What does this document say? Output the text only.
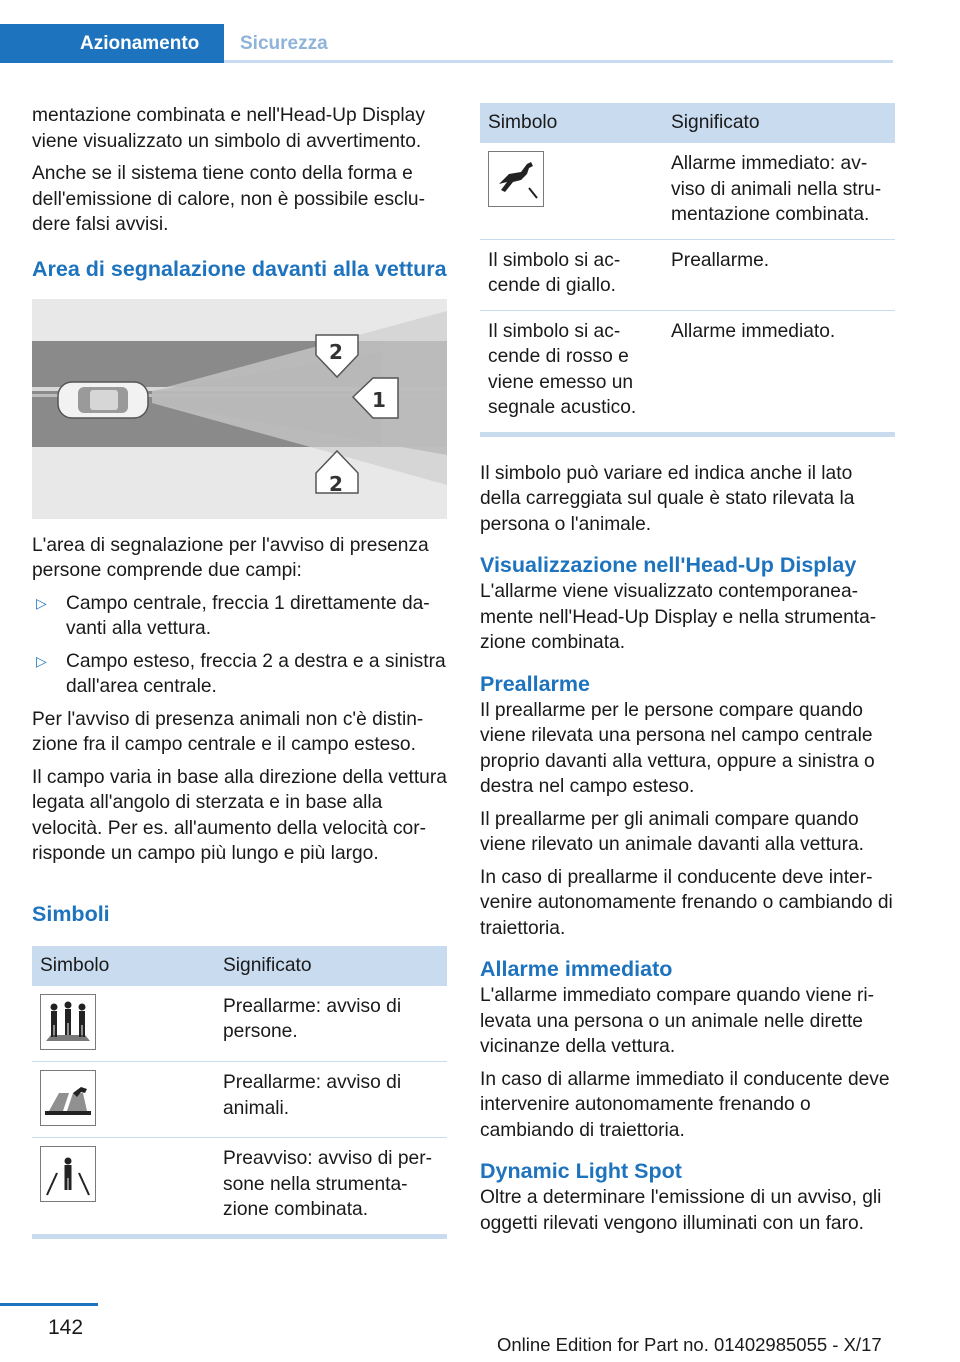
Azionamento	Sicurezza

mentazione combinata e nell'Head-Up Display viene visualizzato un simbolo di avvertimento.

Anche se il sistema tiene conto della forma e dell'emissione di calore, non è possibile escludere falsi avvisi.

Area di segnalazione davanti alla vettura
2
1
2

L'area di segnalazione per l'avviso di presenza persone comprende due campi:

▷	Campo centrale, freccia 1 direttamente davanti alla vettura.
▷	Campo esteso, freccia 2 a destra e a sinistra dall'area centrale.

Per l'avviso di presenza animali non c'è distinzione fra il campo centrale e il campo esteso.

Il campo varia in base alla direzione della vettura legata all'angolo di sterzata e in base alla velocità. Per es. all'aumento della velocità corrisponde un campo più lungo e più largo.

Simboli
Simbolo	Significato

	Preallarme: avviso di persone.

	Preallarme: avviso di animali.

	Preavviso: avviso di persone nella strumentazione combinata.
Simbolo	Significato

	Allarme immediato: avviso di animali nella strumentazione combinata.
Il simbolo si accende di giallo.	Preallarme.
Il simbolo si accende di rosso e viene emesso un segnale acustico.	Allarme immediato.

Il simbolo può variare ed indica anche il lato della carreggiata sul quale è stato rilevata la persona o l'animale.

Visualizzazione nell'Head-Up Display

L'allarme viene visualizzato contemporaneamente nell'Head-Up Display e nella strumentazione combinata.

Preallarme

Il preallarme per le persone compare quando viene rilevata una persona nel campo centrale proprio davanti alla vettura, oppure a sinistra o destra nel campo esteso.

Il preallarme per gli animali compare quando viene rilevato un animale davanti alla vettura.

In caso di preallarme il conducente deve intervenire autonomamente frenando o cambiando di traiettoria.

Allarme immediato

L'allarme immediato compare quando viene rilevata una persona o un animale nelle dirette vicinanze della vettura.

In caso di allarme immediato il conducente deve intervenire autonomamente frenando o cambiando di traiettoria.

Dynamic Light Spot

Oltre a determinare l'emissione di un avviso, gli oggetti rilevati vengono illuminati con un faro.

142
Online Edition for Part no. 01402985055 - X/17
